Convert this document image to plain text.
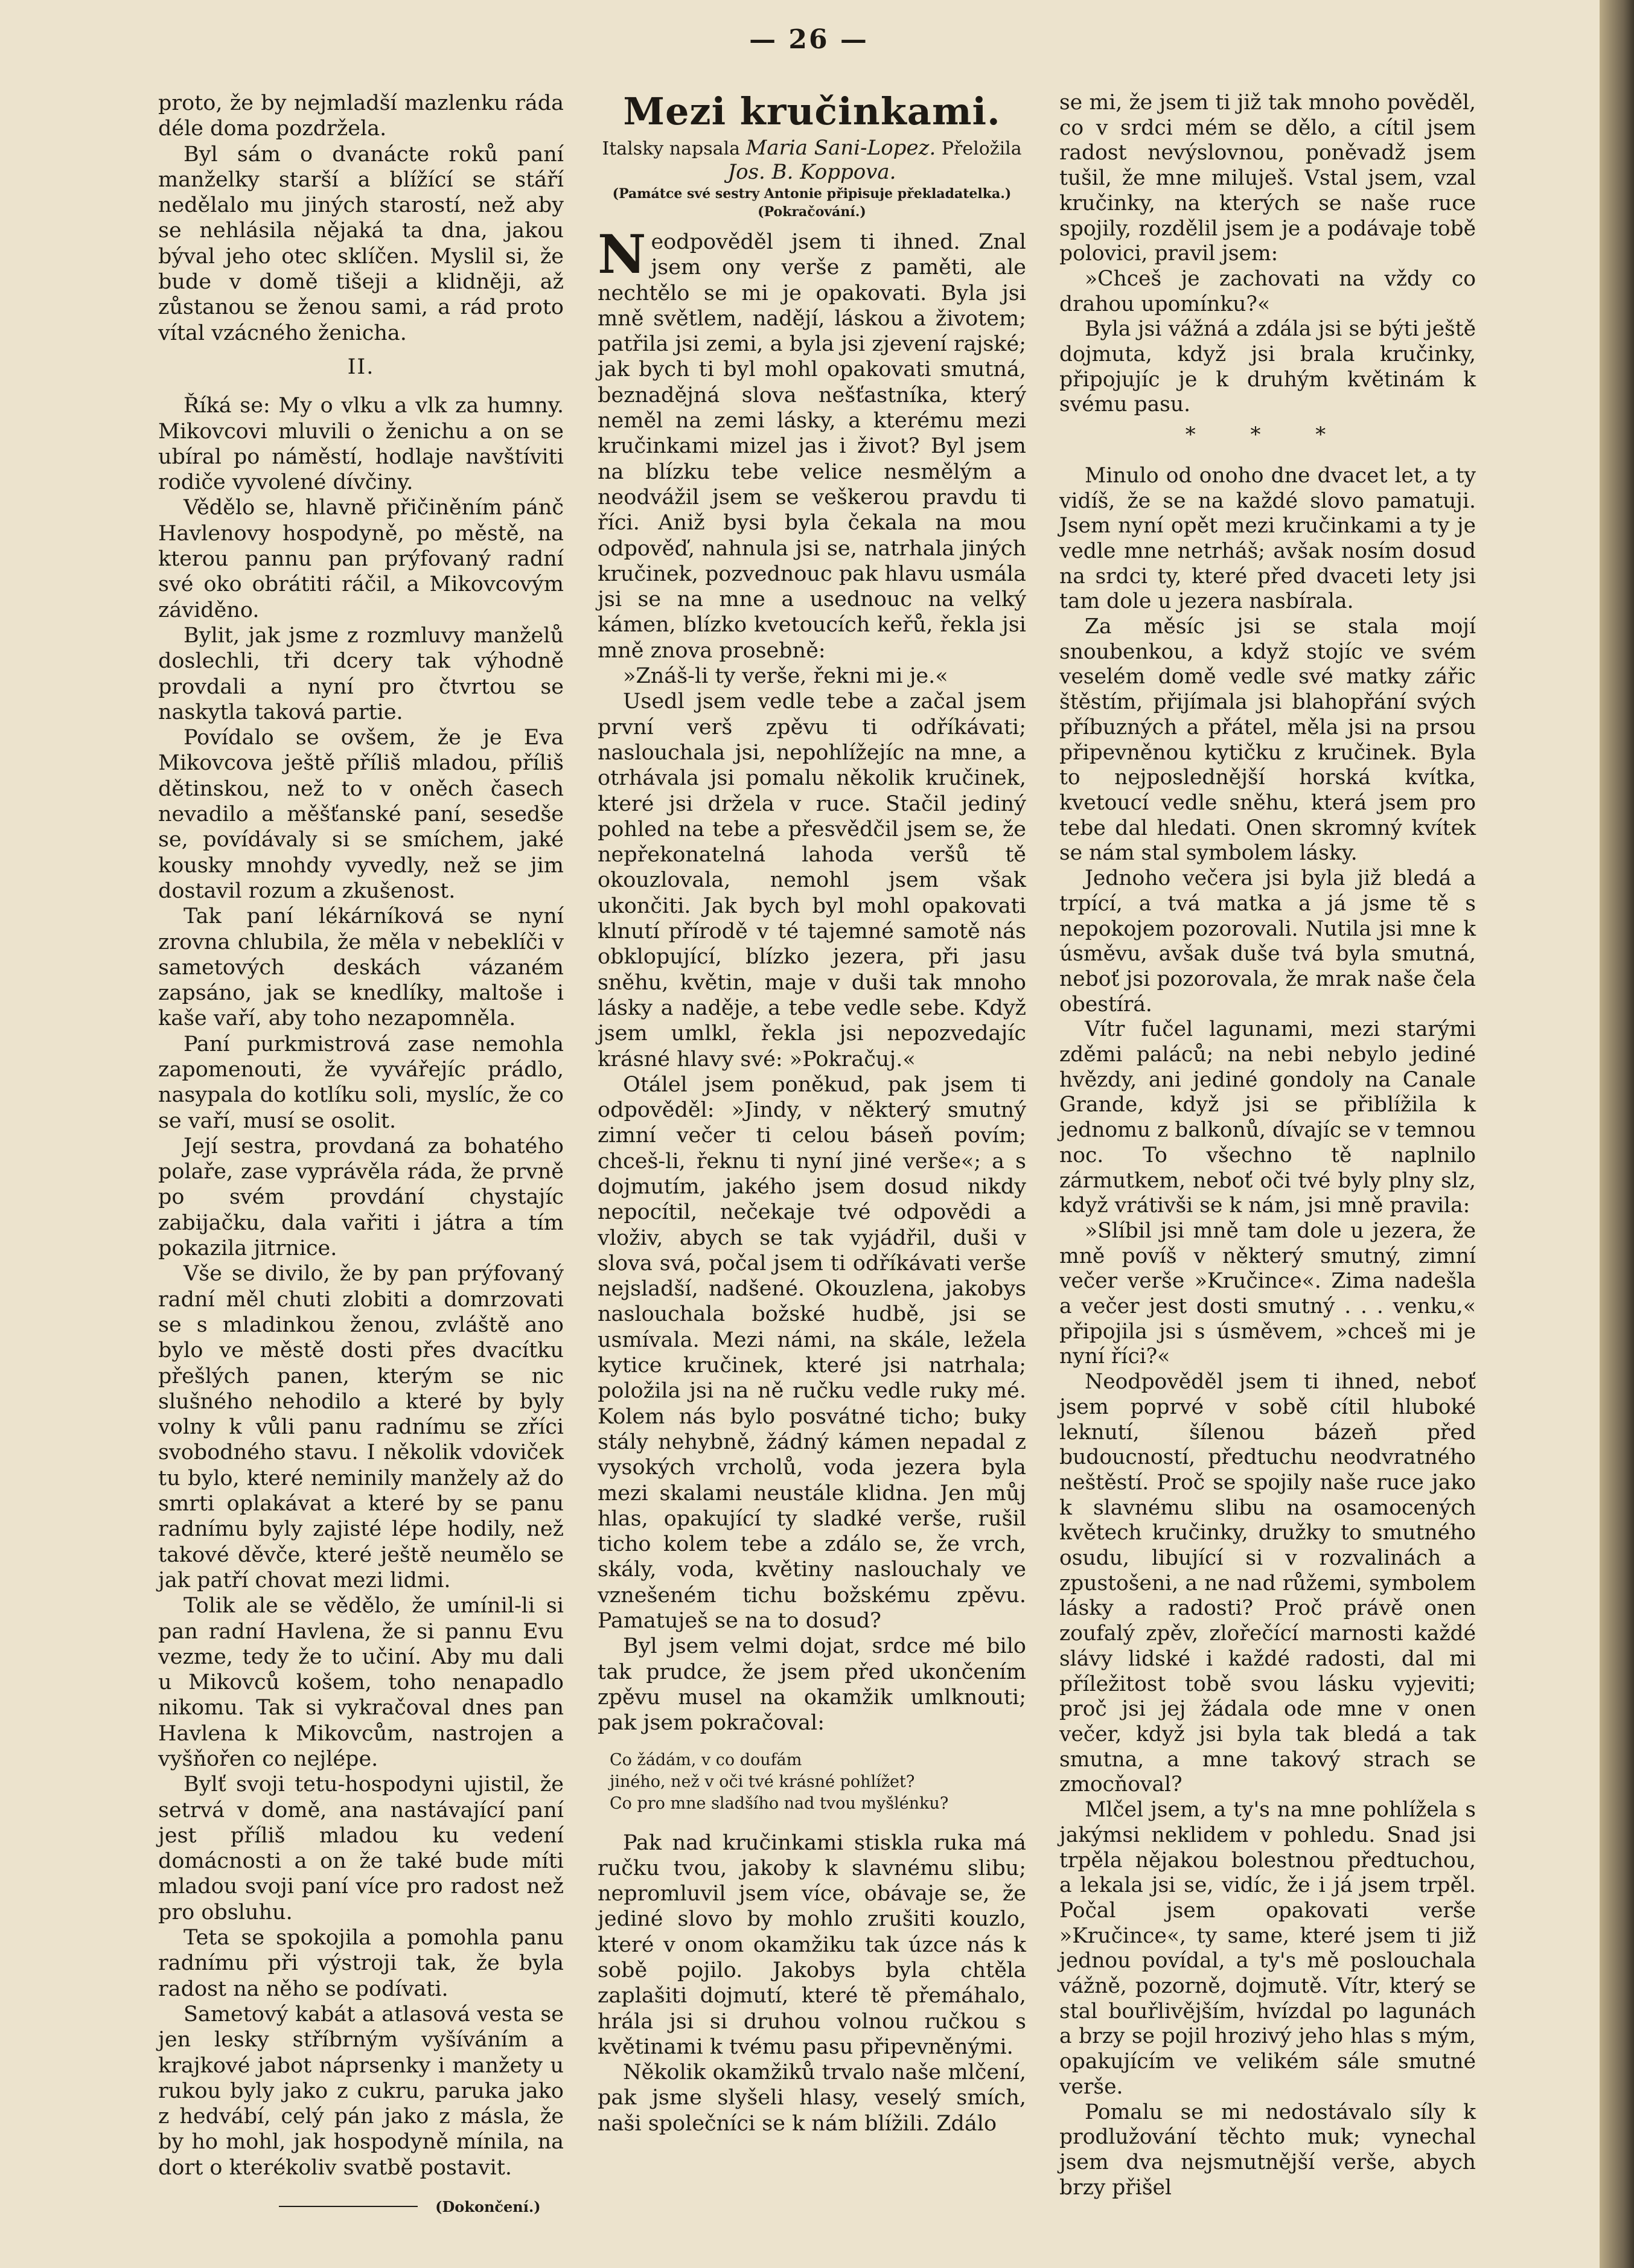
— 26 —

proto, že by nejmladší mazlenku ráda déle doma pozdržela.

Byl sám o dvanácte roků paní manželky starší a blížící se stáří nedělalo mu jiných starostí, než aby se nehlásila nějaká ta dna, jakou býval jeho otec sklíčen. Myslil si, že bude v domě tišeji a klidněji, až zůstanou se ženou sami, a rád proto vítal vzácného ženicha.

II.

Říká se: My o vlku a vlk za humny. Mikovcovi mluvili o ženichu a on se ubíral po náměstí, hodlaje navštíviti rodiče vyvolené dívčiny.

Vědělo se, hlavně přičiněním pánč Havlenovy hospodyně, po městě, na kterou pannu pan prýfovaný radní své oko obrátiti ráčil, a Mikovcovým záviděno.

Bylit, jak jsme z rozmluvy manželů doslechli, tři dcery tak výhodně provdali a nyní pro čtvrtou se naskytla taková partie.

Povídalo se ovšem, že je Eva Mikovcova ještě příliš mladou, příliš dětinskou, než to v oněch časech nevadilo a měšťanské paní, sesedše se, povídávaly si se smíchem, jaké kousky mnohdy vyvedly, než se jim dostavil rozum a zkušenost.

Tak paní lékárníková se nyní zrovna chlubila, že měla v nebeklíči v sametových deskách vázaném zapsáno, jak se knedlíky, maltoše i kaše vaří, aby toho nezapomněla.

Paní purkmistrová zase nemohla zapomenouti, že vyvářejíc prádlo, nasypala do kotlíku soli, myslíc, že co se vaří, musí se osolit.

Její sestra, provdaná za bohatého polaře, zase vyprávěla ráda, že prvně po svém provdání chystajíc zabijačku, dala vařiti i játra a tím pokazila jitrnice.

Vše se divilo, že by pan prýfovaný radní měl chuti zlobiti a domrzovati se s mladinkou ženou, zvláště ano bylo ve městě dosti přes dvacítku přešlých panen, kterým se nic slušného nehodilo a které by byly volny k vůli panu radnímu se zříci svobodného stavu. I několik vdoviček tu bylo, které neminily manžely až do smrti oplakávat a které by se panu radnímu byly zajisté lépe hodily, než takové děvče, které ještě neumělo se jak patří chovat mezi lidmi.

Tolik ale se vědělo, že umínil-li si pan radní Havlena, že si pannu Evu vezme, tedy že to učiní. Aby mu dali u Mikovců košem, toho nenapadlo nikomu. Tak si vykračoval dnes pan Havlena k Mikovcům, nastrojen a vyšňořen co nejlépe.

Bylť svoji tetu-hospodyni ujistil, že setrvá v domě, ana nastávající paní jest příliš mladou ku vedení domácnosti a on že také bude míti mladou svoji paní více pro radost než pro obsluhu.

Teta se spokojila a pomohla panu radnímu při výstroji tak, že byla radost na něho se podívati.

Sametový kabát a atlasová vesta se jen lesky stříbrným vyšíváním a krajkové jabot náprsenky i manžety u rukou byly jako z cukru, paruka jako z hedvábí, celý pán jako z másla, že by ho mohl, jak hospodyně mínila, na dort o kterékoliv svatbě postavit.

(Dokončení.)
Mezi kručinkami.
Italsky napsala Maria Sani-Lopez. Přeložila
Jos. B. Koppova.
(Památce své sestry Antonie připisuje překladatelka.)
(Pokračování.)
N eodpověděl jsem ti ihned. Znal jsem ony verše z paměti, ale nechtělo se mi je opakovati. Byla jsi mně světlem, nadějí, láskou a životem; patřila jsi zemi, a byla jsi zjevení rajské; jak bych ti byl mohl opakovati smutná, beznadějná slova nešťastníka, který neměl na zemi lásky, a kterému mezi kručinkami mizel jas i život? Byl jsem na blízku tebe velice nesmělým a neodvážil jsem se veškerou pravdu ti říci. Aniž bysi byla čekala na mou odpověď, nahnula jsi se, natrhala jiných kručinek, pozvednouc pak hlavu usmála jsi se na mne a usednouc na velký kámen, blízko kvetoucích keřů, řekla jsi mně znova prosebně:

»Znáš-li ty verše, řekni mi je.«

Usedl jsem vedle tebe a začal jsem první verš zpěvu ti odříkávati; naslouchala jsi, nepohlížejíc na mne, a otrhávala jsi pomalu několik kručinek, které jsi držela v ruce. Stačil jediný pohled na tebe a přesvědčil jsem se, že nepřekonatelná lahoda veršů tě okouzlovala, nemohl jsem však ukončiti. Jak bych byl mohl opakovati klnutí přírodě v té tajemné samotě nás obklopující, blízko jezera, při jasu sněhu, květin, maje v duši tak mnoho lásky a naděje, a tebe vedle sebe. Když jsem umlkl, řekla jsi nepozvedajíc krásné hlavy své: »Pokračuj.«

Otálel jsem poněkud, pak jsem ti odpověděl: »Jindy, v některý smutný zimní večer ti celou báseň povím; chceš-li, řeknu ti nyní jiné verše«; a s dojmutím, jakého jsem dosud nikdy nepocítil, nečekaje tvé odpovědi a vloživ, abych se tak vyjádřil, duši v slova svá, počal jsem ti odříkávati verše nejsladší, nadšené. Okouzlena, jakobys naslouchala božské hudbě, jsi se usmívala. Mezi námi, na skále, ležela kytice kručinek, které jsi natrhala; položila jsi na ně ručku vedle ruky mé. Kolem nás bylo posvátné ticho; buky stály nehybně, žádný kámen nepadal z vysokých vrcholů, voda jezera byla mezi skalami neustále klidna. Jen můj hlas, opakující ty sladké verše, rušil ticho kolem tebe a zdálo se, že vrch, skály, voda, květiny naslouchaly ve vznešeném tichu božskému zpěvu. Pamatuješ se na to dosud?

Byl jsem velmi dojat, srdce mé bilo tak prudce, že jsem před ukončením zpěvu musel na okamžik umlknouti; pak jsem pokračoval:

Co žádám, v co doufám
jiného, než v oči tvé krásné pohlížet?
Co pro mne sladšího nad tvou myšlénku?

Pak nad kručinkami stiskla ruka má ručku tvou, jakoby k slavnému slibu; nepromluvil jsem více, obávaje se, že jediné slovo by mohlo zrušiti kouzlo, které v onom okamžiku tak úzce nás k sobě pojilo. Jakobys byla chtěla zaplašiti dojmutí, které tě přemáhalo, hrála jsi si druhou volnou ručkou s květinami k tvému pasu připevněnými.

Několik okamžiků trvalo naše mlčení, pak jsme slyšeli hlasy, veselý smích, naši společníci se k nám blížili. Zdálo

se mi, že jsem ti již tak mnoho pověděl, co v srdci mém se dělo, a cítil jsem radost nevýslovnou, poněvadž jsem tušil, že mne miluješ. Vstal jsem, vzal kručinky, na kterých se naše ruce spojily, rozdělil jsem je a podávaje tobě polovici, pravil jsem:

»Chceš je zachovati na vždy co drahou upomínku?«

Byla jsi vážná a zdála jsi se býti ještě dojmuta, když jsi brala kručinky, připojujíc je k druhým květinám k svému pasu.

* * *

Minulo od onoho dne dvacet let, a ty vidíš, že se na každé slovo pamatuji. Jsem nyní opět mezi kručinkami a ty je vedle mne netrháš; avšak nosím dosud na srdci ty, které před dvaceti lety jsi tam dole u jezera nasbírala.

Za měsíc jsi se stala mojí snoubenkou, a když stojíc ve svém veselém domě vedle své matky zářic štěstím, přijímala jsi blahopřání svých příbuzných a přátel, měla jsi na prsou připevněnou kytičku z kručinek. Byla to nejposlednější horská kvítka, kvetoucí vedle sněhu, která jsem pro tebe dal hledati. Onen skromný kvítek se nám stal symbolem lásky.

Jednoho večera jsi byla již bledá a trpící, a tvá matka a já jsme tě s nepokojem pozorovali. Nutila jsi mne k úsměvu, avšak duše tvá byla smutná, neboť jsi pozorovala, že mrak naše čela obestírá.

Vítr fučel lagunami, mezi starými zděmi paláců; na nebi nebylo jediné hvězdy, ani jediné gondoly na Canale Grande, když jsi se přiblížila k jednomu z balkonů, dívajíc se v temnou noc. To všechno tě naplnilo zármutkem, neboť oči tvé byly plny slz, když vrátivši se k nám, jsi mně pravila:

»Slíbil jsi mně tam dole u jezera, že mně povíš v některý smutný, zimní večer verše »Kručince«. Zima nadešla a večer jest dosti smutný . . . venku,« připojila jsi s úsměvem, »chceš mi je nyní říci?«

Neodpověděl jsem ti ihned, neboť jsem poprvé v sobě cítil hluboké leknutí, šílenou bázeň před budoucností, předtuchu neodvratného neštěstí. Proč se spojily naše ruce jako k slavnému slibu na osamocených květech kručinky, družky to smutného osudu, libující si v rozvalinách a zpustošeni, a ne nad růžemi, symbolem lásky a radosti? Proč právě onen zoufalý zpěv, zlořečící marnosti každé slávy lidské i každé radosti, dal mi příležitost tobě svou lásku vyjeviti; proč jsi jej žádala ode mne v onen večer, když jsi byla tak bledá a tak smutna, a mne takový strach se zmocňoval?

Mlčel jsem, a ty's na mne pohlížela s jakýmsi neklidem v pohledu. Snad jsi trpěla nějakou bolestnou předtuchou, a lekala jsi se, vidíc, že i já jsem trpěl. Počal jsem opakovati verše »Kručince«, ty same, které jsem ti již jednou povídal, a ty's mě poslouchala vážně, pozorně, dojmutě. Vítr, který se stal bouřlivějším, hvízdal po lagunách a brzy se pojil hrozivý jeho hlas s mým, opakujícím ve velikém sále smutné verše.

Pomalu se mi nedostávalo síly k prodlužování těchto muk; vynechal jsem dva nejsmutnější verše, abych brzy přišel
